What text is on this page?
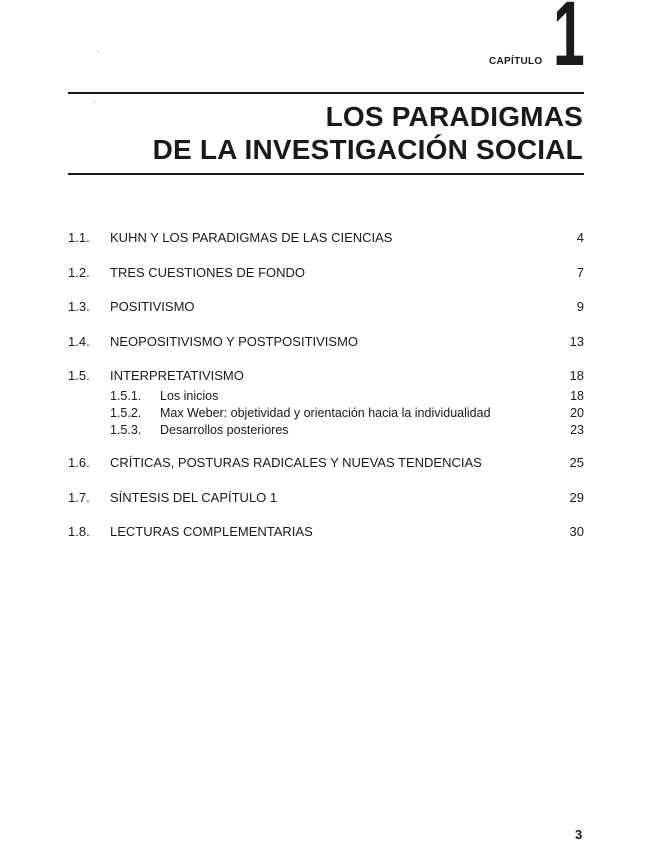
CAPÍTULO 1
LOS PARADIGMAS
DE LA INVESTIGACIÓN SOCIAL
1.1. KUHN Y LOS PARADIGMAS DE LAS CIENCIAS	4
1.2. TRES CUESTIONES DE FONDO	7
1.3. POSITIVISMO	9
1.4. NEOPOSITIVISMO Y POSTPOSITIVISMO	13
1.5. INTERPRETATIVISMO	18
1.5.1. Los inicios	18
1.5.2. Max Weber: objetividad y orientación hacia la individualidad	20
1.5.3. Desarrollos posteriores	23
1.6. CRÍTICAS, POSTURAS RADICALES Y NUEVAS TENDENCIAS	25
1.7. SÍNTESIS DEL CAPÍTULO 1	29
1.8. LECTURAS COMPLEMENTARIAS	30
3
